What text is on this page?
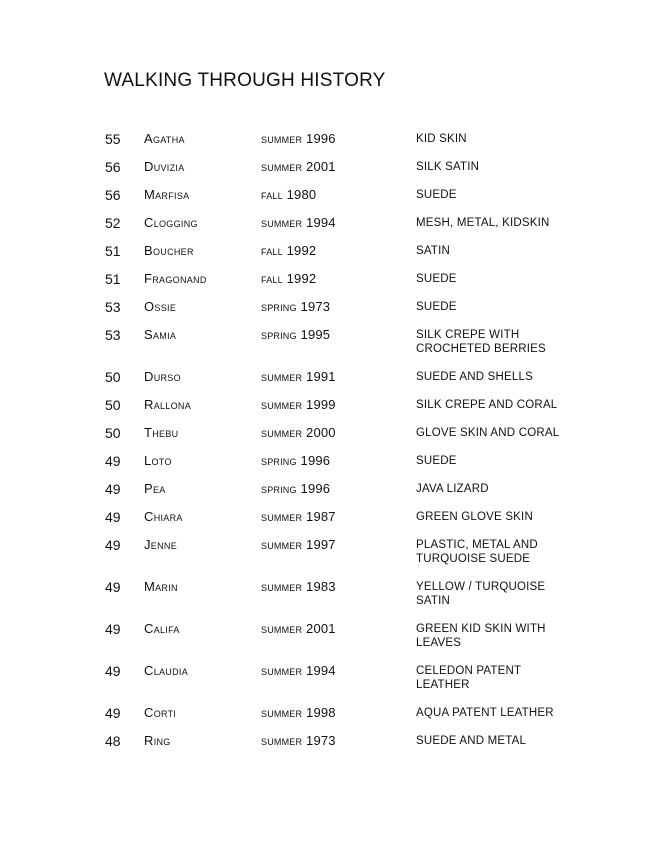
WALKING THROUGH HISTORY
55 Agatha	summer 1996	KID SKIN
56 Duvizia	summer 2001	SILK SATIN
56 Marfisa	fall 1980	SUEDE
52 Clogging	summer 1994	MESH, METAL, KIDSKIN
51 Boucher	fall 1992	SATIN
51 Fragonand	fall 1992	SUEDE
53 Ossie	spring 1973	SUEDE
53 Samia	spring 1995	SILK CREPE WITH
CROCHETED BERRIES
50 Durso	summer 1991	SUEDE AND SHELLS
50 Rallona	summer 1999	SILK CREPE AND CORAL
50 Thebu	summer 2000	GLOVE SKIN AND CORAL
49 Loto	spring 1996	SUEDE
49 Pea	spring 1996	JAVA LIZARD
49 Chiara	summer 1987	GREEN GLOVE SKIN
49 Jenne	summer 1997	PLASTIC, METAL AND
TURQUOISE SUEDE
49 Marin	summer 1983	YELLOW / TURQUOISE
SATIN
49 Califa	summer 2001	GREEN KID SKIN WITH
LEAVES
49 Claudia	summer 1994	CELEDON PATENT
LEATHER
49 Corti	summer 1998	AQUA PATENT LEATHER
48 Ring	summer 1973	SUEDE AND METAL
